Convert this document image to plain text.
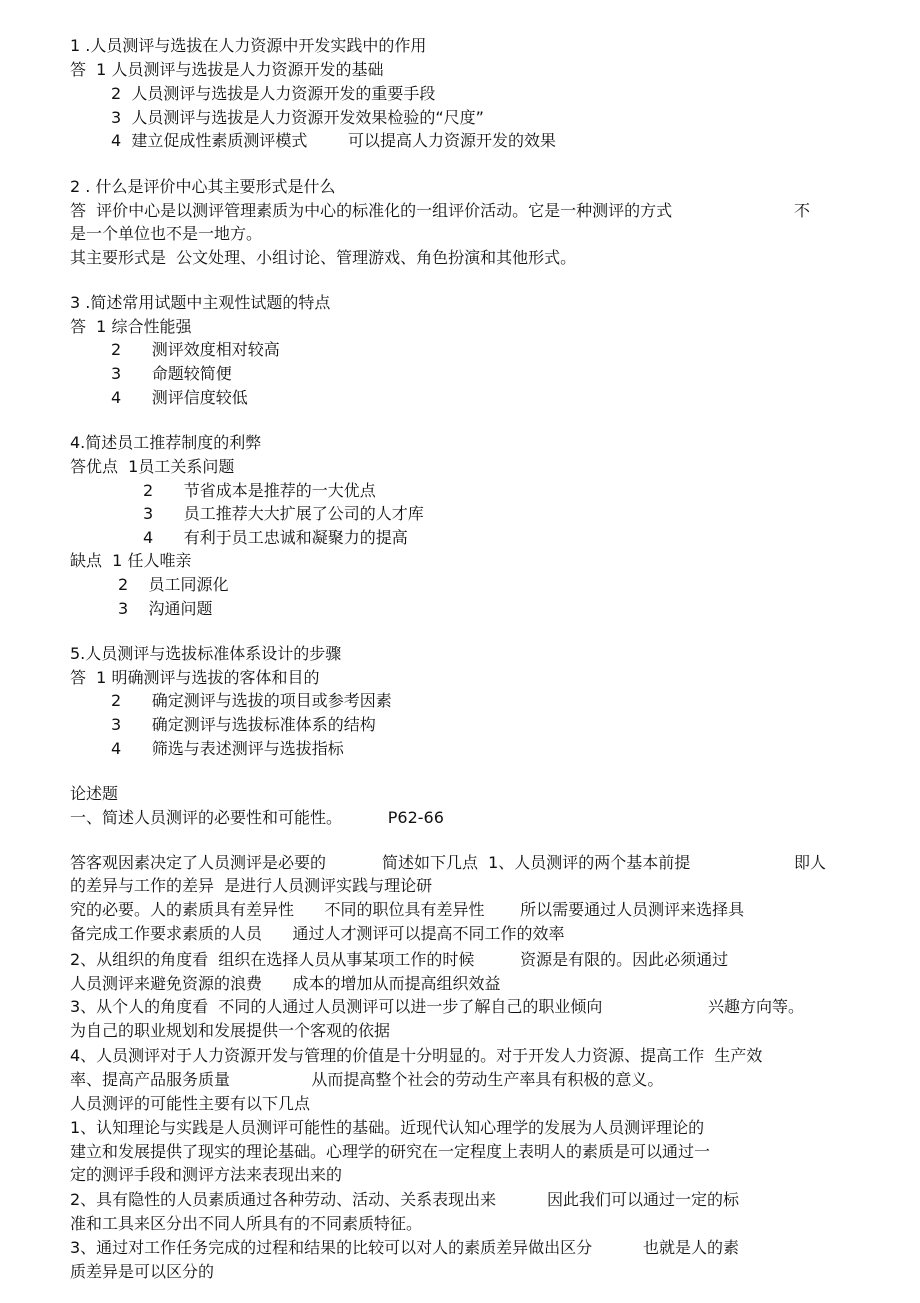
1 .人员测评与选拔在人力资源中开发实践中的作用
答  1 人员测评与选拔是人力资源开发的基础
2  人员测评与选拔是人力资源开发的重要手段
3  人员测评与选拔是人力资源开发效果检验的“尺度”
4  建立促成性素质测评模式        可以提高人力资源开发的效果
2 . 什么是评价中心其主要形式是什么
答  评价中心是以测评管理素质为中心的标准化的一组评价活动。它是一种测评的方式	不
是一个单位也不是一地方。
其主要形式是  公文处理、小组讨论、管理游戏、角色扮演和其他形式。
3 .简述常用试题中主观性试题的特点
答  1 综合性能强
2      测评效度相对较高
3      命题较简便
4      测评信度较低
4.简述员工推荐制度的利弊
答优点  1员工关系问题
2      节省成本是推荐的一大优点
3      员工推荐大大扩展了公司的人才库
4      有利于员工忠诚和凝聚力的提高
缺点  1 任人唯亲
2    员工同源化
3    沟通问题
5.人员测评与选拔标准体系设计的步骤
答  1 明确测评与选拔的客体和目的
2      确定测评与选拔的项目或参考因素
3      确定测评与选拔标准体系的结构
4      筛选与表述测评与选拔指标
论述题
一、简述人员测评的必要性和可能性。         P62-66
答客观因素决定了人员测评是必要的           简述如下几点  1、人员测评的两个基本前提	即人
的差异与工作的差异  是进行人员测评实践与理论研
究的必要。人的素质具有差异性      不同的职位具有差异性       所以需要通过人员测评来选择具
备完成工作要求素质的人员      通过人才测评可以提高不同工作的效率
2、从组织的角度看  组织在选择人员从事某项工作的时候         资源是有限的。因此必须通过
人员测评来避免资源的浪费      成本的增加从而提高组织效益
3、从个人的角度看  不同的人通过人员测评可以进一步了解自己的职业倾向	兴趣方向等。
为自己的职业规划和发展提供一个客观的依据
4、人员测评对于人力资源开发与管理的价值是十分明显的。对于开发人力资源、提高工作  生产效
率、提高产品服务质量                从而提高整个社会的劳动生产率具有积极的意义。
人员测评的可能性主要有以下几点
1、认知理论与实践是人员测评可能性的基础。近现代认知心理学的发展为人员测评理论的
建立和发展提供了现实的理论基础。心理学的研究在一定程度上表明人的素质是可以通过一
定的测评手段和测评方法来表现出来的
2、具有隐性的人员素质通过各种劳动、活动、关系表现出来          因此我们可以通过一定的标
准和工具来区分出不同人所具有的不同素质特征。
3、通过对工作任务完成的过程和结果的比较可以对人的素质差异做出区分          也就是人的素
质差异是可以区分的
